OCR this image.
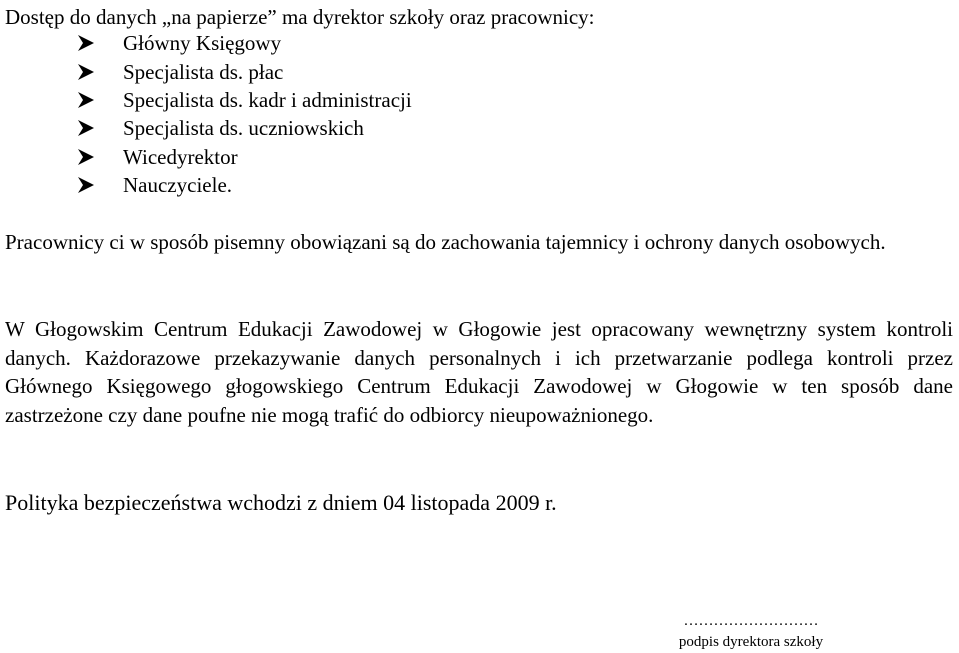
Dostęp do danych „na papierze” ma dyrektor szkoły oraz pracownicy:
Główny Księgowy
Specjalista ds. płac
Specjalista ds. kadr i administracji
Specjalista ds. uczniowskich
Wicedyrektor
Nauczyciele.

Pracownicy ci w sposób pisemny obowiązani są do zachowania tajemnicy i ochrony danych osobowych.

W Głogowskim Centrum Edukacji Zawodowej w Głogowie jest opracowany wewnętrzny system kontroli danych. Każdorazowe przekazywanie danych personalnych i ich przetwarzanie podlega kontroli przez Głównego Księgowego głogowskiego Centrum Edukacji Zawodowej w Głogowie w ten sposób dane zastrzeżone czy dane poufne nie mogą trafić do odbiorcy nieupoważnionego.

Polityka bezpieczeństwa wchodzi z dniem 04 listopada 2009 r.

………………………
podpis dyrektora szkoły
